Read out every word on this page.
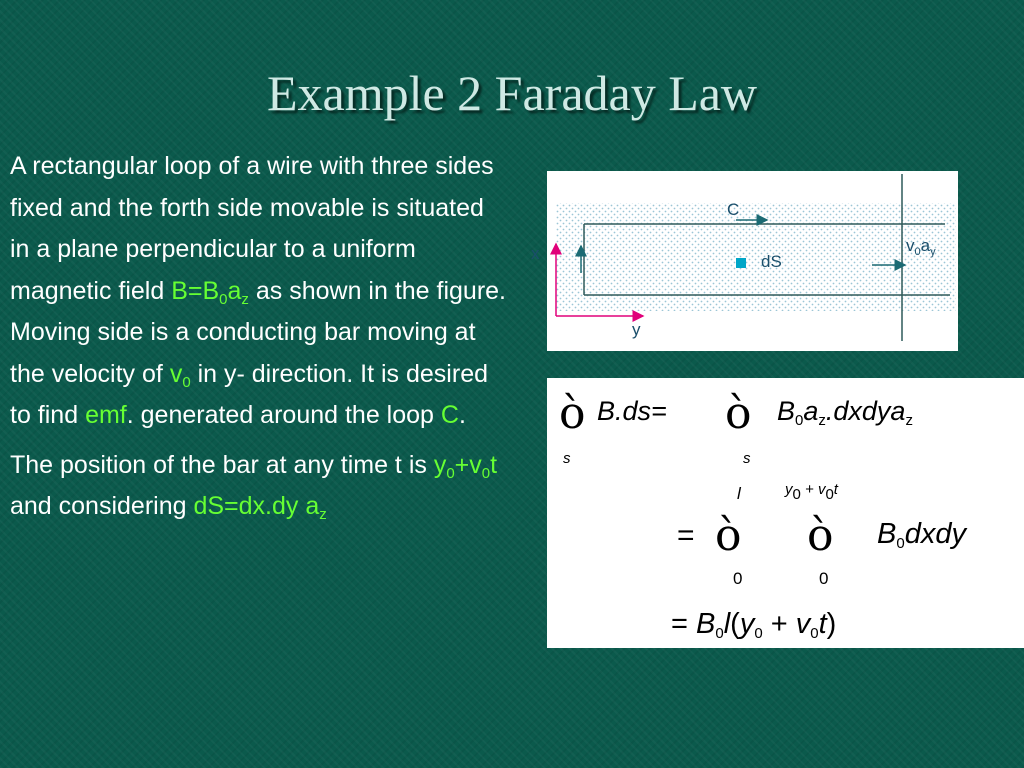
Example 2 Faraday Law

A rectangular loop of a wire with three sides fixed and the forth side movable is situated in a plane perpendicular to a uniform magnetic field $B=B_0a_z$ as shown in the figure. Moving side is a conducting bar moving at the velocity of $v_0$ in y- direction. It is desired to find emf. generated around the loop C.

The position of the bar at any time t is $y_0+v_0t$ and considering dS=dx.dy $a_z$

C
x
y
dS
$v_0a_y$
ò B.ds= ò $B_0a_z.dxdya_z$
s	s
l	$y_0 + v_0t$
= ò ò $B_0dxdy$
0	0
= $B_0l(y_0 + v_0t)$
